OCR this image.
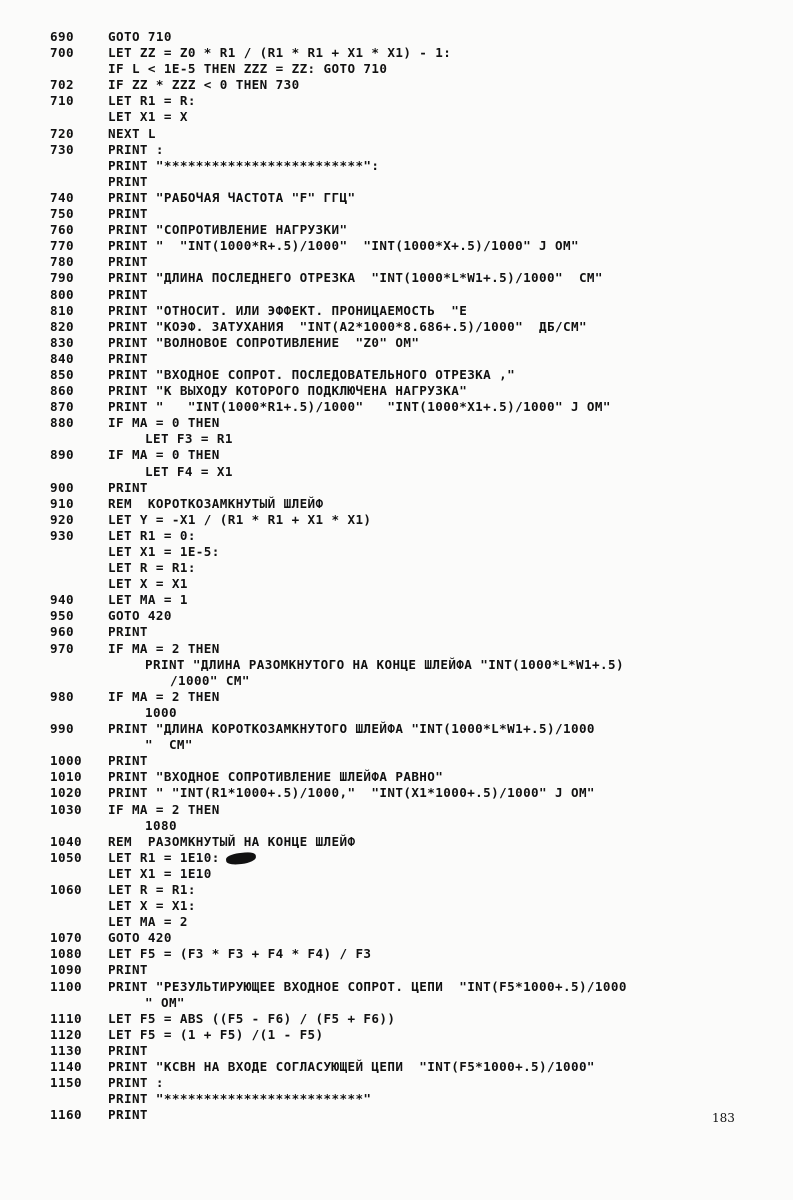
690	GOTO 710
700	LET ZZ = Z0 * R1 / (R1 * R1 + X1 * X1) - 1:
IF L < 1E-5 THEN ZZZ = ZZ: GOTO 710
702	IF ZZ * ZZZ < 0 THEN 730
710	LET R1 = R:
LET X1 = X
720	NEXT L
730	PRINT :
PRINT "*************************":
PRINT
740	PRINT "РАБОЧАЯ ЧАСТОТА "F" ГГЦ"
750	PRINT
760	PRINT "СОПРОТИВЛЕНИЕ НАГРУЗКИ"
770	PRINT "  "INT(1000*R+.5)/1000"  "INT(1000*X+.5)/1000" J ОМ"
780	PRINT
790	PRINT "ДЛИНА ПОСЛЕДНЕГО ОТРЕЗКА  "INT(1000*L*W1+.5)/1000"  СМ"
800	PRINT
810	PRINT "ОТНОСИТ. ИЛИ ЭФФЕКТ. ПРОНИЦАЕМОСТЬ  "E
820	PRINT "КОЭФ. ЗАТУХАНИЯ  "INT(A2*1000*8.686+.5)/1000"  ДБ/СМ"
830	PRINT "ВОЛНОВОЕ СОПРОТИВЛЕНИЕ  "Z0" ОМ"
840	PRINT
850	PRINT "ВХОДНОЕ СОПРОТ. ПОСЛЕДОВАТЕЛЬНОГО ОТРЕЗКА ,"
860	PRINT "К ВЫХОДУ КОТОРОГО ПОДКЛЮЧЕНА НАГРУЗКА"
870	PRINT "   "INT(1000*R1+.5)/1000"   "INT(1000*X1+.5)/1000" J ОМ"
880	IF MA = 0 THEN
LET F3 = R1
890	IF MA = 0 THEN
LET F4 = X1
900	PRINT
910	REM  КОРОТКОЗАМКНУТЫЙ ШЛЕЙФ
920	LET Y = -X1 / (R1 * R1 + X1 * X1)
930	LET R1 = 0:
LET X1 = 1E-5:
LET R = R1:
LET X = X1
940	LET MA = 1
950	GOTO 420
960	PRINT
970	IF MA = 2 THEN
PRINT "ДЛИНА РАЗОМКНУТОГО НА КОНЦЕ ШЛЕЙФА "INT(1000*L*W1+.5)
/1000" СМ"
980	IF MA = 2 THEN
1000
990	PRINT "ДЛИНА КОРОТКОЗАМКНУТОГО ШЛЕЙФА "INT(1000*L*W1+.5)/1000
"  СМ"
1000	PRINT
1010	PRINT "ВХОДНОЕ СОПРОТИВЛЕНИЕ ШЛЕЙФА РАВНО"
1020	PRINT " "INT(R1*1000+.5)/1000,"  "INT(X1*1000+.5)/1000" J ОМ"
1030	IF MA = 2 THEN
1080
1040	REM  РАЗОМКНУТЫЙ НА КОНЦЕ ШЛЕЙФ
1050	LET R1 = 1E10:
LET X1 = 1E10
1060	LET R = R1:
LET X = X1:
LET MA = 2
1070	GOTO 420
1080	LET F5 = (F3 * F3 + F4 * F4) / F3
1090	PRINT
1100	PRINT "РЕЗУЛЬТИРУЮЩЕЕ ВХОДНОЕ СОПРОТ. ЦЕПИ  "INT(F5*1000+.5)/1000
" ОМ"
1110	LET F5 = ABS ((F5 - F6) / (F5 + F6))
1120	LET F5 = (1 + F5) /(1 - F5)
1130	PRINT
1140	PRINT "КСВН НА ВХОДЕ СОГЛАСУЮЩЕЙ ЦЕПИ  "INT(F5*1000+.5)/1000"
1150	PRINT :
PRINT "*************************"
1160	PRINT	183
